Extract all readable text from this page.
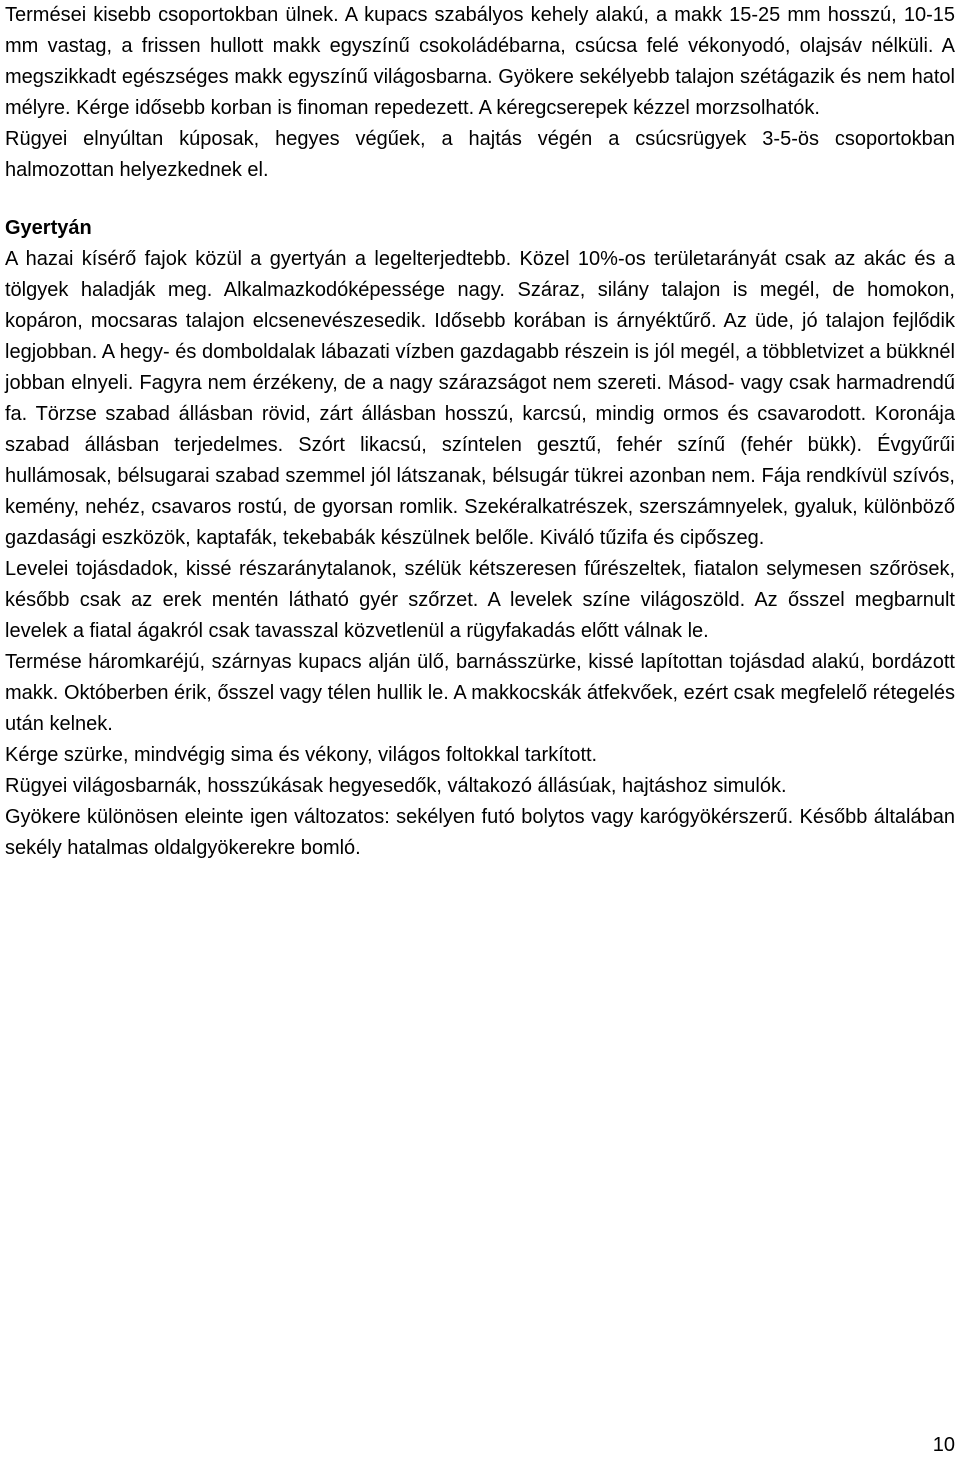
Termései kisebb csoportokban ülnek. A kupacs szabályos kehely alakú, a makk 15-25 mm hosszú, 10-15 mm vastag, a frissen hullott makk egyszínű csokoládébarna, csúcsa felé vékonyodó, olajsáv nélküli. A megszikkadt egészséges makk egyszínű világosbarna. Gyökere sekélyebb talajon szétágazik és nem hatol mélyre. Kérge idősebb korban is finoman repedezett. A kéregcserepek kézzel morzsolhatók.

Rügyei elnyúltan kúposak, hegyes végűek, a hajtás végén a csúcsrügyek 3-5-ös csoportokban halmozottan helyezkednek el.

Gyertyán

A hazai kísérő fajok közül a gyertyán a legelterjedtebb. Közel 10%-os területarányát csak az akác és a tölgyek haladják meg. Alkalmazkodóképessége nagy. Száraz, silány talajon is megél, de homokon, kopáron, mocsaras talajon elcsenevészesedik. Idősebb korában is árnyéktűrő. Az üde, jó talajon fejlődik legjobban. A hegy- és domboldalak lábazati vízben gazdagabb részein is jól megél, a többletvizet a bükknél jobban elnyeli. Fagyra nem érzékeny, de a nagy szárazságot nem szereti. Másod- vagy csak harmadrendű fa. Törzse szabad állásban rövid, zárt állásban hosszú, karcsú, mindig ormos és csavarodott. Koronája szabad állásban terjedelmes. Szórt likacsú, színtelen gesztű, fehér színű (fehér bükk). Évgyűrűi hullámosak, bélsugarai szabad szemmel jól látszanak, bélsugár tükrei azonban nem. Fája rendkívül szívós, kemény, nehéz, csavaros rostú, de gyorsan romlik. Szekéralkatrészek, szerszámnyelek, gyaluk, különböző gazdasági eszközök, kaptafák, tekebabák készülnek belőle. Kiváló tűzifa és cipőszeg.

Levelei tojásdadok, kissé részaránytalanok, szélük kétszeresen fűrészeltek, fiatalon selymesen szőrösek, később csak az erek mentén látható gyér szőrzet. A levelek színe világoszöld. Az ősszel megbarnult levelek a fiatal ágakról csak tavasszal közvetlenül a rügyfakadás előtt válnak le.

Termése háromkaréjú, szárnyas kupacs alján ülő, barnásszürke, kissé lapítottan tojásdad alakú, bordázott makk. Októberben érik, ősszel vagy télen hullik le. A makkocskák átfekvőek, ezért csak megfelelő rétegelés után kelnek.

Kérge szürke, mindvégig sima és vékony, világos foltokkal tarkított.

Rügyei világosbarnák, hosszúkásak hegyesedők, váltakozó állásúak, hajtáshoz simulók.

Gyökere különösen eleinte igen változatos: sekélyen futó bolytos vagy karógyökérszerű. Később általában sekély hatalmas oldalgyökerekre bomló.

10
